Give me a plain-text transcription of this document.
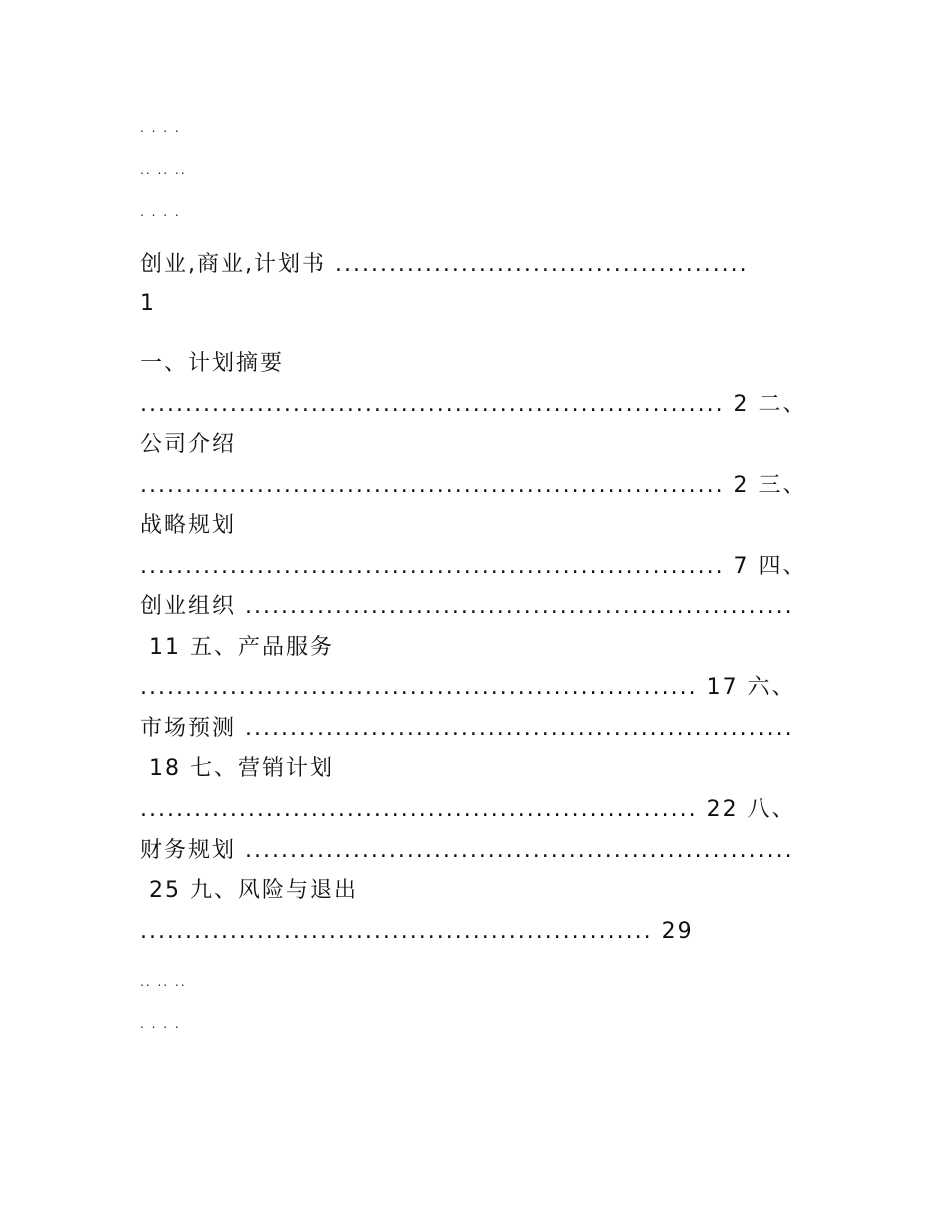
. . . .
.. .. ..
. . . .
创业,商业,计划书 ..............................................
1
一、计划摘要
................................................................. 2 二、
公司介绍
................................................................. 2 三、
战略规划
................................................................. 7 四、
创业组织 .............................................................
11 五、产品服务
.............................................................. 17 六、
市场预测 .............................................................
18 七、营销计划
.............................................................. 22 八、
财务规划 .............................................................
25 九、风险与退出
......................................................... 29
.. .. ..
. . . .
